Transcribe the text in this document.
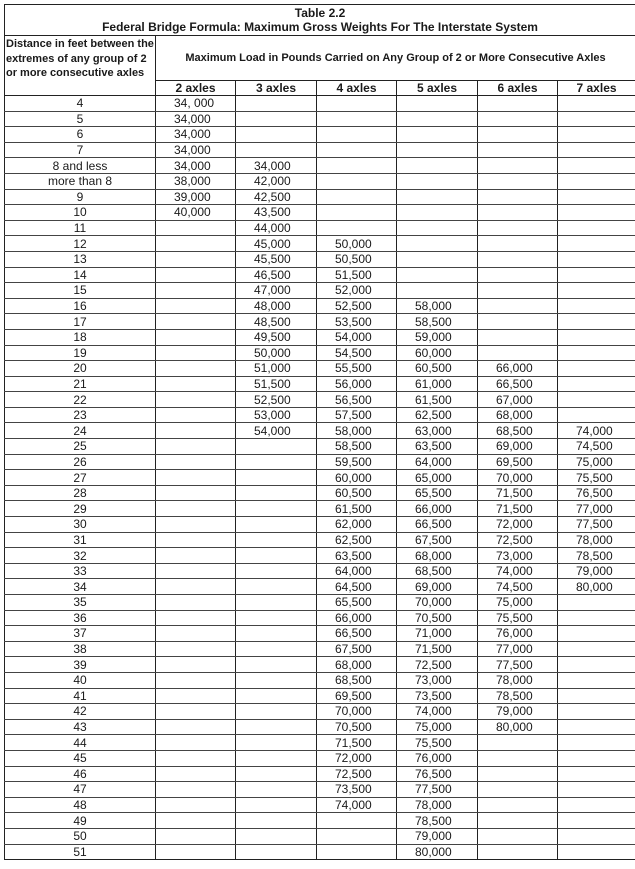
Table 2.2
Federal Bridge Formula: Maximum Gross Weights For The Interstate System						

Distance in feet between the extremes of any group of 2 or more consecutive axles	Maximum Load in Pounds Carried on Any Group of 2 or More Consecutive Axles					
	2 axles	3 axles	4 axles	5 axles	6 axles	7 axles
4	34, 000					
5	34,000					
6	34,000					
7	34,000					
8 and less	34,000	34,000				
more than 8	38,000	42,000				
9	39,000	42,500				
10	40,000	43,500				
11		44,000				
12		45,000	50,000			
13		45,500	50,500			
14		46,500	51,500			
15		47,000	52,000			
16		48,000	52,500	58,000		
17		48,500	53,500	58,500		
18		49,500	54,000	59,000		
19		50,000	54,500	60,000		
20		51,000	55,500	60,500	66,000	
21		51,500	56,000	61,000	66,500	
22		52,500	56,500	61,500	67,000	
23		53,000	57,500	62,500	68,000	
24		54,000	58,000	63,000	68,500	74,000
25			58,500	63,500	69,000	74,500
26			59,500	64,000	69,500	75,000
27			60,000	65,000	70,000	75,500
28			60,500	65,500	71,500	76,500
29			61,500	66,000	71,500	77,000
30			62,000	66,500	72,000	77,500
31			62,500	67,500	72,500	78,000
32			63,500	68,000	73,000	78,500
33			64,000	68,500	74,000	79,000
34			64,500	69,000	74,500	80,000
35			65,500	70,000	75,000	
36			66,000	70,500	75,500	
37			66,500	71,000	76,000	
38			67,500	71,500	77,000	
39			68,000	72,500	77,500	
40			68,500	73,000	78,000	
41			69,500	73,500	78,500	
42			70,000	74,000	79,000	
43			70,500	75,000	80,000	
44			71,500	75,500		
45			72,000	76,000		
46			72,500	76,500		
47			73,500	77,500		
48			74,000	78,000		
49				78,500		
50				79,000		
51				80,000		
